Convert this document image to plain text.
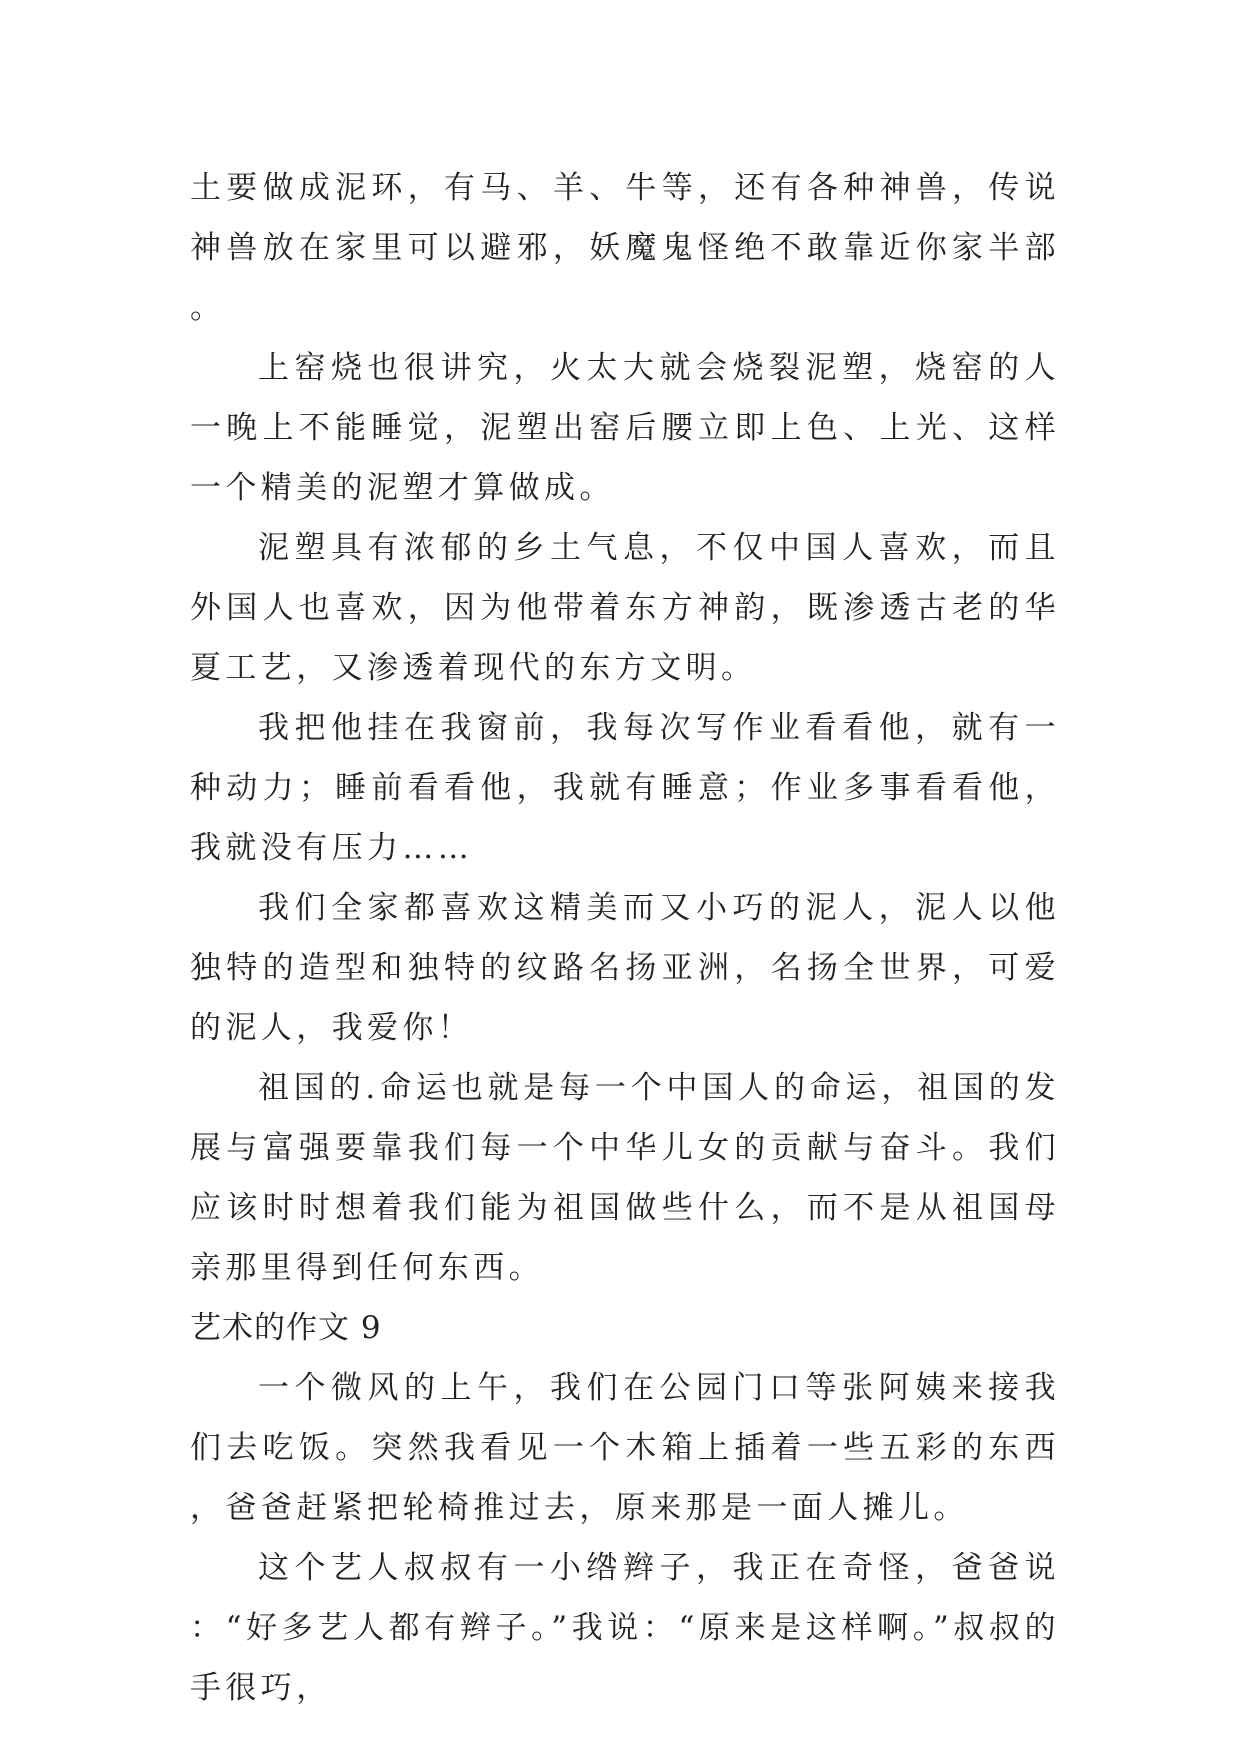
土要做成泥环，有马、羊、牛等，还有各种神兽，传说神兽放在家里可以避邪，妖魔鬼怪绝不敢靠近你家半部。

上窑烧也很讲究，火太大就会烧裂泥塑，烧窑的人一晚上不能睡觉，泥塑出窑后腰立即上色、上光、这样一个精美的泥塑才算做成。

泥塑具有浓郁的乡土气息，不仅中国人喜欢，而且外国人也喜欢，因为他带着东方神韵，既渗透古老的华夏工艺，又渗透着现代的东方文明。

我把他挂在我窗前，我每次写作业看看他，就有一种动力；睡前看看他，我就有睡意；作业多事看看他，我就没有压力……

我们全家都喜欢这精美而又小巧的泥人，泥人以他独特的造型和独特的纹路名扬亚洲，名扬全世界，可爱的泥人，我爱你！

祖国的.命运也就是每一个中国人的命运，祖国的发展与富强要靠我们每一个中华儿女的贡献与奋斗。我们应该时时想着我们能为祖国做些什么，而不是从祖国母亲那里得到任何东西。

艺术的作文 9

一个微风的上午，我们在公园门口等张阿姨来接我们去吃饭。突然我看见一个木箱上插着一些五彩的东西，爸爸赶紧把轮椅推过去，原来那是一面人摊儿。

这个艺人叔叔有一小绺辫子，我正在奇怪，爸爸说：“好多艺人都有辫子。”我说：“原来是这样啊。”叔叔的手很巧，
